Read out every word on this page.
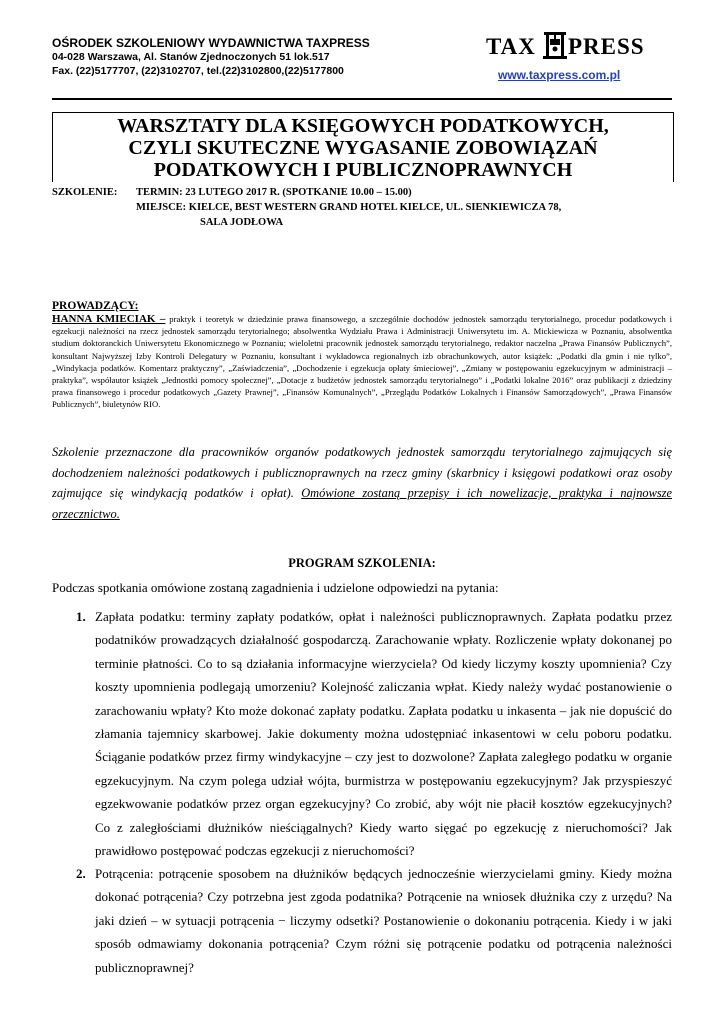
OŚRODEK SZKOLENIOWY WYDAWNICTWA TAXPRESS
04-028 Warszawa, Al. Stanów Zjednoczonych 51 lok.517
Fax. (22)5177707, (22)3102707, tel.(22)3102800,(22)5177800
TAX PRESS
www.taxpress.com.pl
WARSZTATY DLA KSIĘGOWYCH PODATKOWYCH,
CZYLI SKUTECZNE WYGASANIE ZOBOWIĄZAŃ
PODATKOWYCH I PUBLICZNOPRAWNYCH
SZKOLENIE: TERMIN: 23 LUTEGO 2017 R. (SPOTKANIE 10.00 – 15.00)
MIEJSCE: KIELCE, BEST WESTERN GRAND HOTEL KIELCE, UL. SIENKIEWICZA 78,
SALA JODŁOWA
PROWADZĄCY:
HANNA KMIECIAK – praktyk i teoretyk w dziedzinie prawa finansowego, a szczególnie dochodów jednostek samorządu terytorialnego, procedur podatkowych i egzekucji należności na rzecz jednostek samorządu terytorialnego; absolwentka Wydziału Prawa i Administracji Uniwersytetu im. A. Mickiewicza w Poznaniu, absolwentka studium doktoranckich Uniwersytetu Ekonomicznego w Poznaniu; wieloletni pracownik jednostek samorządu terytorialnego, redaktor naczelna „Prawa Finansów Publicznych”, konsultant Najwyższej Izby Kontroli Delegatury w Poznaniu, konsultant i wykładowca regionalnych izb obrachunkowych, autor książek: „Podatki dla gmin i nie tylko”, „Windykacja podatków. Komentarz praktyczny”, „Zaświadczenia”, „Dochodzenie i egzekucja opłaty śmieciowej”, „Zmiany w postępowaniu egzekucyjnym w administracji – praktyka”, współautor książek „Jednostki pomocy społecznej”, „Dotacje z budżetów jednostek samorządu terytorialnego” i „Podatki lokalne 2016” oraz publikacji z dziedziny prawa finansowego i procedur podatkowych „Gazety Prawnej”, „Finansów Komunalnych”, „Przeglądu Podatków Lokalnych i Finansów Samorządowych”, „Prawa Finansów Publicznych”, biuletynów RIO.
Szkolenie przeznaczone dla pracowników organów podatkowych jednostek samorządu terytorialnego zajmujących się dochodzeniem należności podatkowych i publicznoprawnych na rzecz gminy (skarbnicy i księgowi podatkowi oraz osoby zajmujące się windykacją podatków i opłat). Omówione zostaną przepisy i ich nowelizacje, praktyka i najnowsze orzecznictwo.
PROGRAM SZKOLENIA:
Podczas spotkania omówione zostaną zagadnienia i udzielone odpowiedzi na pytania:
1. Zapłata podatku: terminy zapłaty podatków, opłat i należności publicznoprawnych. Zapłata podatku przez podatników prowadzących działalność gospodarczą. Zarachowanie wpłaty. Rozliczenie wpłaty dokonanej po terminie płatności. Co to są działania informacyjne wierzyciela? Od kiedy liczymy koszty upomnienia? Czy koszty upomnienia podlegają umorzeniu? Kolejność zaliczania wpłat. Kiedy należy wydać postanowienie o zarachowaniu wpłaty? Kto może dokonać zapłaty podatku. Zapłata podatku u inkasenta – jak nie dopuścić do złamania tajemnicy skarbowej. Jakie dokumenty można udostępniać inkasentowi w celu poboru podatku. Ściąganie podatków przez firmy windykacyjne – czy jest to dozwolone? Zapłata zaległego podatku w organie egzekucyjnym. Na czym polega udział wójta, burmistrza w postępowaniu egzekucyjnym? Jak przyspieszyć egzekwowanie podatków przez organ egzekucyjny? Co zrobić, aby wójt nie płacił kosztów egzekucyjnych? Co z zaległościami dłużników nieściągalnych? Kiedy warto sięgać po egzekucję z nieruchomości? Jak prawidłowo postępować podczas egzekucji z nieruchomości?
2. Potrącenia: potrącenie sposobem na dłużników będących jednocześnie wierzycielami gminy. Kiedy można dokonać potrącenia? Czy potrzebna jest zgoda podatnika? Potrącenie na wniosek dłużnika czy z urzędu? Na jaki dzień – w sytuacji potrącenia − liczymy odsetki? Postanowienie o dokonaniu potrącenia. Kiedy i w jaki sposób odmawiamy dokonania potrącenia? Czym różni się potrącenie podatku od potrącenia należności publicznoprawnej?
